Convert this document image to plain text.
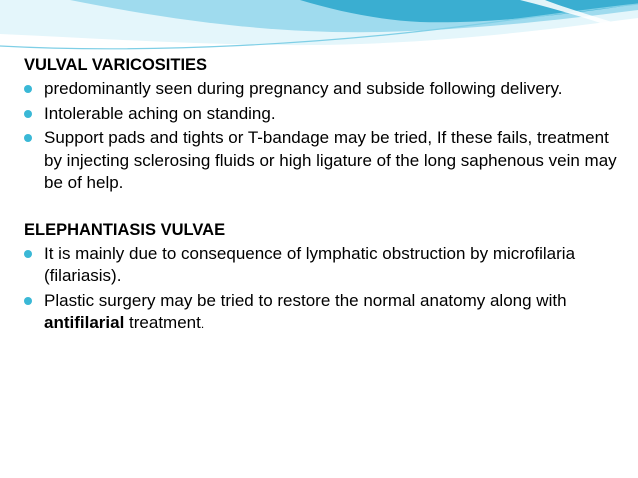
VULVAL VARICOSITIES

predominantly seen during pregnancy and subside following delivery.
Intolerable aching on standing.
Support pads and tights or T-bandage may be tried, If these fails, treatment by injecting sclerosing fluids or high ligature of the long saphenous vein may be of help.

ELEPHANTIASIS VULVAE

It is mainly due to consequence of lymphatic obstruction by microfilaria (filariasis).
Plastic surgery may be tried to restore the normal anatomy along with antifilarial treatment.
